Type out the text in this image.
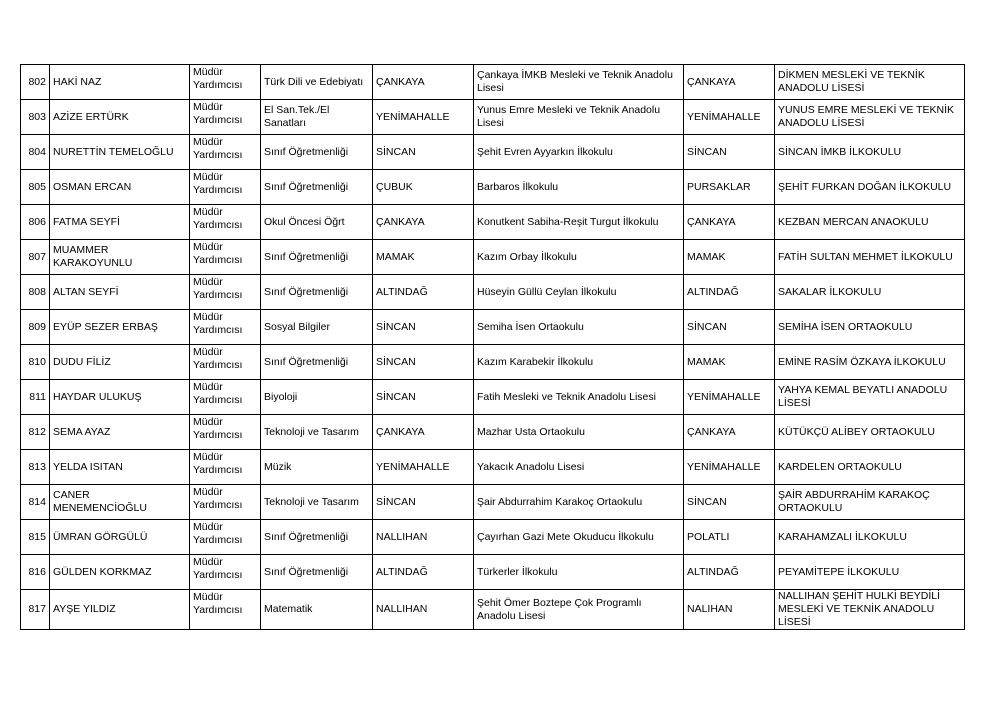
802	HAKİ NAZ	Müdür Yardımcısı	Türk Dili ve Edebiyatı	ÇANKAYA	Çankaya İMKB Mesleki ve Teknik Anadolu Lisesi	ÇANKAYA	DİKMEN MESLEKİ VE TEKNİK ANADOLU LİSESİ
803	AZİZE ERTÜRK	Müdür Yardımcısı	El San.Tek./El Sanatları	YENİMAHALLE	Yunus Emre Mesleki ve Teknik Anadolu Lisesi	YENİMAHALLE	YUNUS EMRE MESLEKİ VE TEKNİK ANADOLU LİSESİ
804	NURETTİN TEMELOĞLU	Müdür Yardımcısı	Sınıf Öğretmenliği	SİNCAN	Şehit Evren Ayyarkın İlkokulu	SİNCAN	SİNCAN İMKB İLKOKULU
805	OSMAN ERCAN	Müdür Yardımcısı	Sınıf Öğretmenliği	ÇUBUK	Barbaros İlkokulu	PURSAKLAR	ŞEHİT FURKAN DOĞAN İLKOKULU
806	FATMA SEYFİ	Müdür Yardımcısı	Okul Öncesi Öğrt	ÇANKAYA	Konutkent Sabiha-Reşit Turgut İlkokulu	ÇANKAYA	KEZBAN MERCAN ANAOKULU
807	MUAMMER KARAKOYUNLU	Müdür Yardımcısı	Sınıf Öğretmenliği	MAMAK	Kazım Orbay İlkokulu	MAMAK	FATİH SULTAN MEHMET İLKOKULU
808	ALTAN SEYFİ	Müdür Yardımcısı	Sınıf Öğretmenliği	ALTINDAĞ	Hüseyin Güllü Ceylan İlkokulu	ALTINDAĞ	SAKALAR İLKOKULU
809	EYÜP SEZER ERBAŞ	Müdür Yardımcısı	Sosyal Bilgiler	SİNCAN	Semiha İsen Ortaokulu	SİNCAN	SEMİHA İSEN ORTAOKULU
810	DUDU FİLİZ	Müdür Yardımcısı	Sınıf Öğretmenliği	SİNCAN	Kazım Karabekir İlkokulu	MAMAK	EMİNE RASİM ÖZKAYA İLKOKULU
811	HAYDAR ULUKUŞ	Müdür Yardımcısı	Biyoloji	SİNCAN	Fatih Mesleki ve Teknik Anadolu Lisesi	YENİMAHALLE	YAHYA KEMAL BEYATLI ANADOLU LİSESİ
812	SEMA AYAZ	Müdür Yardımcısı	Teknoloji ve Tasarım	ÇANKAYA	Mazhar Usta Ortaokulu	ÇANKAYA	KÜTÜKÇÜ ALİBEY ORTAOKULU
813	YELDA ISITAN	Müdür Yardımcısı	Müzik	YENİMAHALLE	Yakacık Anadolu Lisesi	YENİMAHALLE	KARDELEN ORTAOKULU
814	CANER MENEMENCİOĞLU	Müdür Yardımcısı	Teknoloji ve Tasarım	SİNCAN	Şair Abdurrahim Karakoç Ortaokulu	SİNCAN	ŞAİR ABDURRAHİM KARAKOÇ ORTAOKULU
815	ÜMRAN GÖRGÜLÜ	Müdür Yardımcısı	Sınıf Öğretmenliği	NALLIHAN	Çayırhan Gazi Mete Okuducu İlkokulu	POLATLI	KARAHAMZALI İLKOKULU
816	GÜLDEN KORKMAZ	Müdür Yardımcısı	Sınıf Öğretmenliği	ALTINDAĞ	Türkerler İlkokulu	ALTINDAĞ	PEYAMİTEPE İLKOKULU
817	AYŞE YILDIZ	Müdür Yardımcısı	Matematik	NALLIHAN	Şehit Ömer Boztepe Çok Programlı Anadolu Lisesi	NALIHAN	NALLIHAN ŞEHİT HULKİ BEYDİLİ MESLEKİ VE TEKNİK ANADOLU LİSESİ
